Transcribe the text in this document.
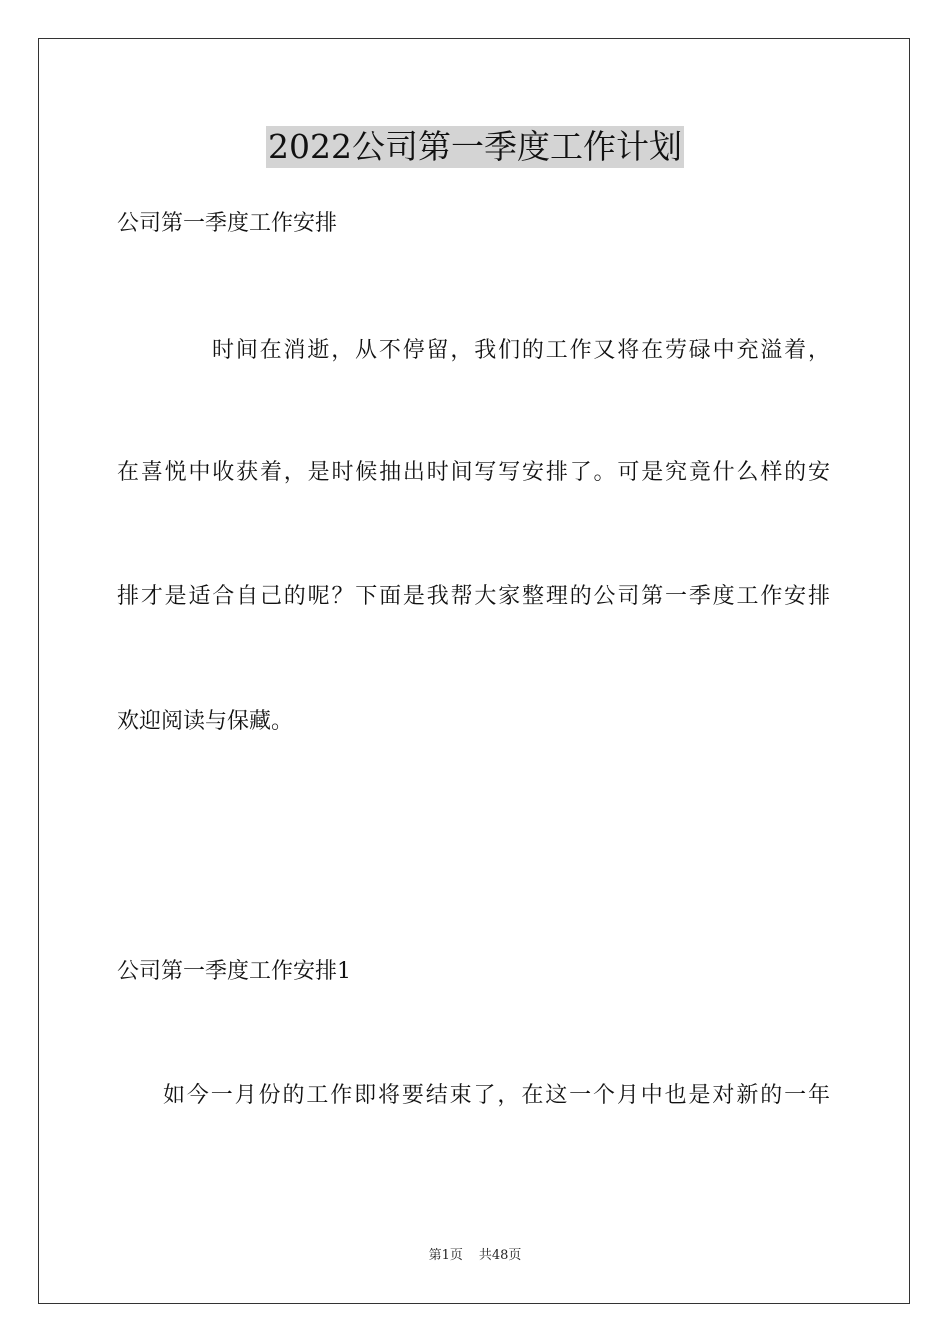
2022公司第一季度工作计划
公司第一季度工作安排
时间在消逝，从不停留，我们的工作又将在劳碌中充溢着，
在喜悦中收获着，是时候抽出时间写写安排了。可是究竟什么样的安
排才是适合自己的呢？下面是我帮大家整理的公司第一季度工作安排
欢迎阅读与保藏。
公司第一季度工作安排1
如今一月份的工作即将要结束了，在这一个月中也是对新的一年
第1页 共48页
